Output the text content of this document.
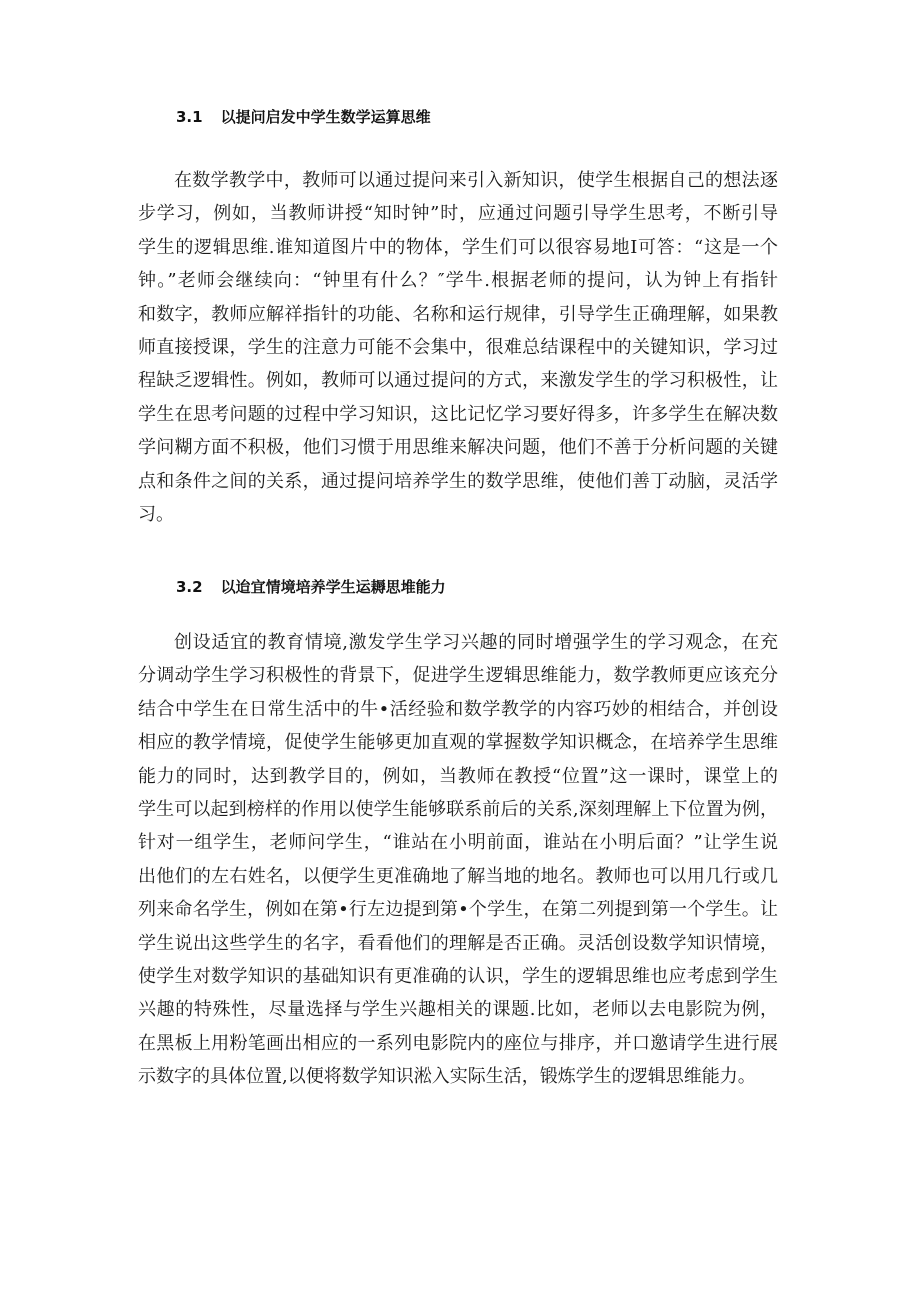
3.1 以提问启发中学生数学运算思维
在数学教学中，教师可以通过提问来引入新知识，使学生根据自己的想法逐
步学习，例如，当教师讲授“知时钟”时，应通过问题引导学生思考，不断引导
学生的逻辑思维.谁知道图片中的物体，学生们可以很容易地I可答：“这是一个
钟。”老师会继续向：“钟里有什么？″学牛.根据老师的提问，认为钟上有指针
和数字，教师应解祥指针的功能、名称和运行规律，引导学生正确理解，如果教
师直接授课，学生的注意力可能不会集中，很难总结课程中的关键知识，学习过
程缺乏逻辑性。例如，教师可以通过提问的方式，来激发学生的学习积极性，让
学生在思考问题的过程中学习知识，这比记忆学习要好得多，许多学生在解决数
学问糊方面不积极，他们习惯于用思维来解决问题，他们不善于分析问题的关键
点和条件之间的关系，通过提问培养学生的数学思维，使他们善丁动脑，灵活学
习。
3.2 以迨宜情境培养学生运耨思堆能力
创设适宜的教育情境,激发学生学习兴趣的同时增强学生的学习观念，在充
分调动学生学习积极性的背景下，促进学生逻辑思维能力，数学教师更应该充分
结合中学生在日常生活中的牛•活经验和数学教学的内容巧妙的相结合，并创设
相应的教学情境，促使学生能够更加直观的掌握数学知识概念，在培养学生思维
能力的同时，达到教学目的，例如，当教师在教授“位置”这一课时，课堂上的
学生可以起到榜样的作用以使学生能够联系前后的关系,深刻理解上下位置为例，
针对一组学生，老师问学生，“谁站在小明前面，谁站在小明后面？”让学生说
出他们的左右姓名，以便学生更准确地了解当地的地名。教师也可以用几行或几
列来命名学生，例如在第•行左边提到第•个学生，在第二列提到第一个学生。让
学生说出这些学生的名字，看看他们的理解是否正确。灵活创设数学知识情境，
使学生对数学知识的基础知识有更准确的认识，学生的逻辑思维也应考虑到学生
兴趣的特殊性，尽量选择与学生兴趣相关的课题.比如，老师以去电影院为例，
在黑板上用粉笔画出相应的一系列电影院内的座位与排序，并口邀请学生进行展
示数字的具体位置,以便将数学知识淞入实际生活，锻炼学生的逻辑思维能力。
